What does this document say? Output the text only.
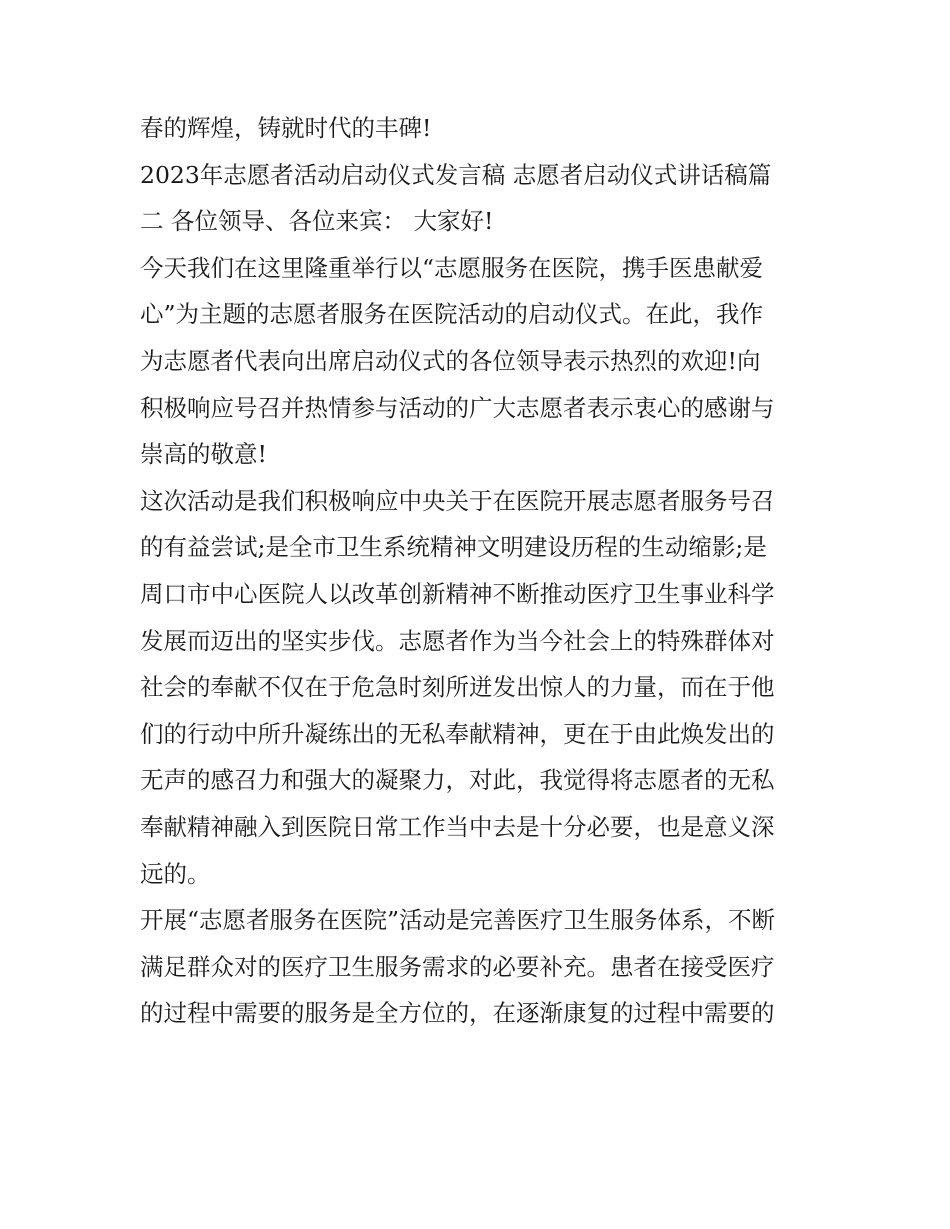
春的辉煌，铸就时代的丰碑!
2023年志愿者活动启动仪式发言稿 志愿者启动仪式讲话稿篇
二 各位领导、各位来宾： 大家好!
今天我们在这里隆重举行以“志愿服务在医院，携手医患献爱
心”为主题的志愿者服务在医院活动的启动仪式。在此，我作
为志愿者代表向出席启动仪式的各位领导表示热烈的欢迎!向
积极响应号召并热情参与活动的广大志愿者表示衷心的感谢与
崇高的敬意!
这次活动是我们积极响应中央关于在医院开展志愿者服务号召
的有益尝试;是全市卫生系统精神文明建设历程的生动缩影;是
周口市中心医院人以改革创新精神不断推动医疗卫生事业科学
发展而迈出的坚实步伐。志愿者作为当今社会上的特殊群体对
社会的奉献不仅在于危急时刻所迸发出惊人的力量，而在于他
们的行动中所升凝练出的无私奉献精神，更在于由此焕发出的
无声的感召力和强大的凝聚力，对此，我觉得将志愿者的无私
奉献精神融入到医院日常工作当中去是十分必要，也是意义深
远的。
开展“志愿者服务在医院”活动是完善医疗卫生服务体系，不断
满足群众对的医疗卫生服务需求的必要补充。患者在接受医疗
的过程中需要的服务是全方位的，在逐渐康复的过程中需要的
